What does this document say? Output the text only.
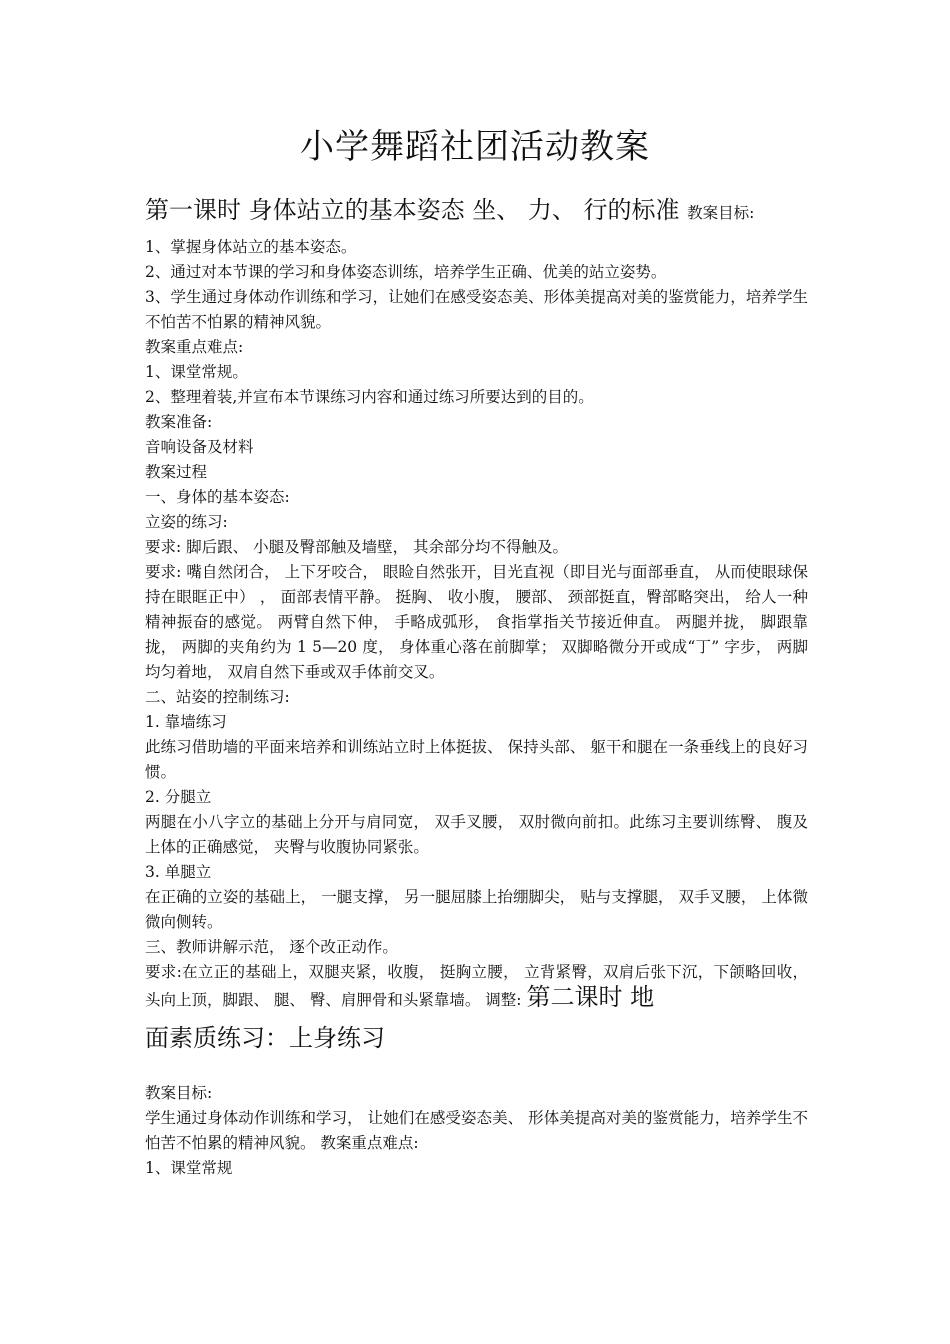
小学舞蹈社团活动教案

第一课时 身体站立的基本姿态 坐、 力、 行的标准 教案目标:

1、掌握身体站立的基本姿态。

2、通过对本节课的学习和身体姿态训练，培养学生正确、优美的站立姿势。

3、学生通过身体动作训练和学习，让她们在感受姿态美、形体美提高对美的鉴赏能力，培养学生不怕苦不怕累的精神风貌。

教案重点难点:

1、课堂常规。

2、整理着装,并宣布本节课练习内容和通过练习所要达到的目的。

教案准备:

音响设备及材料

教案过程

一、身体的基本姿态:

立姿的练习:

要求: 脚后跟、 小腿及臀部触及墙壁， 其余部分均不得触及。

要求: 嘴自然闭合， 上下牙咬合， 眼睑自然张开，目光直视（即目光与面部垂直， 从而使眼球保持在眼眶正中） ， 面部表情平静。 挺胸、 收小腹， 腰部、 颈部挺直，臀部略突出， 给人一种精神振奋的感觉。 两臂自然下伸， 手略成弧形， 食指掌指关节接近伸直。 两腿并拢， 脚跟靠拢， 两脚的夹角约为 1 5—20 度， 身体重心落在前脚掌； 双脚略微分开或成“丁” 字步， 两脚均匀着地， 双肩自然下垂或双手体前交叉。

二、站姿的控制练习:

1. 靠墙练习

此练习借助墙的平面来培养和训练站立时上体挺拔、 保持头部、 躯干和腿在一条垂线上的良好习惯。

2. 分腿立

两腿在小八字立的基础上分开与肩同宽， 双手叉腰， 双肘微向前扣。此练习主要训练臀、 腹及上体的正确感觉， 夹臀与收腹协同紧张。

3. 单腿立

在正确的立姿的基础上， 一腿支撑， 另一腿屈膝上抬绷脚尖， 贴与支撑腿， 双手叉腰， 上体微微向侧转。

三、教师讲解示范， 逐个改正动作。

要求:在立正的基础上，双腿夹紧，收腹， 挺胸立腰， 立背紧臀，双肩后张下沉，下颌略回收，头向上顶，脚跟、 腿、 臀、肩胛骨和头紧靠墙。 调整: 第二课时 地

面素质练习：上身练习

教案目标:

学生通过身体动作训练和学习， 让她们在感受姿态美、 形体美提高对美的鉴赏能力，培养学生不怕苦不怕累的精神风貌。 教案重点难点:

1、课堂常规
